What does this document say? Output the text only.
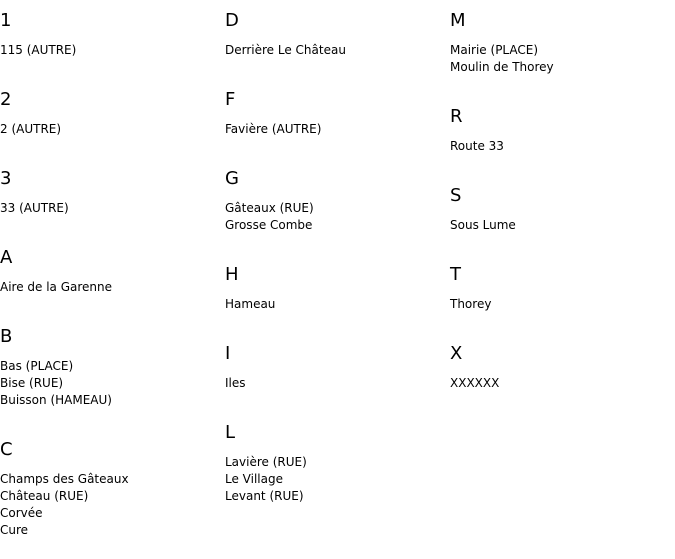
1
115 (AUTRE)
2
2 (AUTRE)
3
33 (AUTRE)
A
Aire de la Garenne
B
Bas (PLACE)
Bise (RUE)
Buisson (HAMEAU)
C
Champs des Gâteaux
Château (RUE)
Corvée
Cure
D
Derrière Le Château
F
Favière (AUTRE)
G
Gâteaux (RUE)
Grosse Combe
H
Hameau
I
Iles
L
Lavière (RUE)
Le Village
Levant (RUE)
M
Mairie (PLACE)
Moulin de Thorey
R
Route 33
S
Sous Lume
T
Thorey
X
XXXXXX
